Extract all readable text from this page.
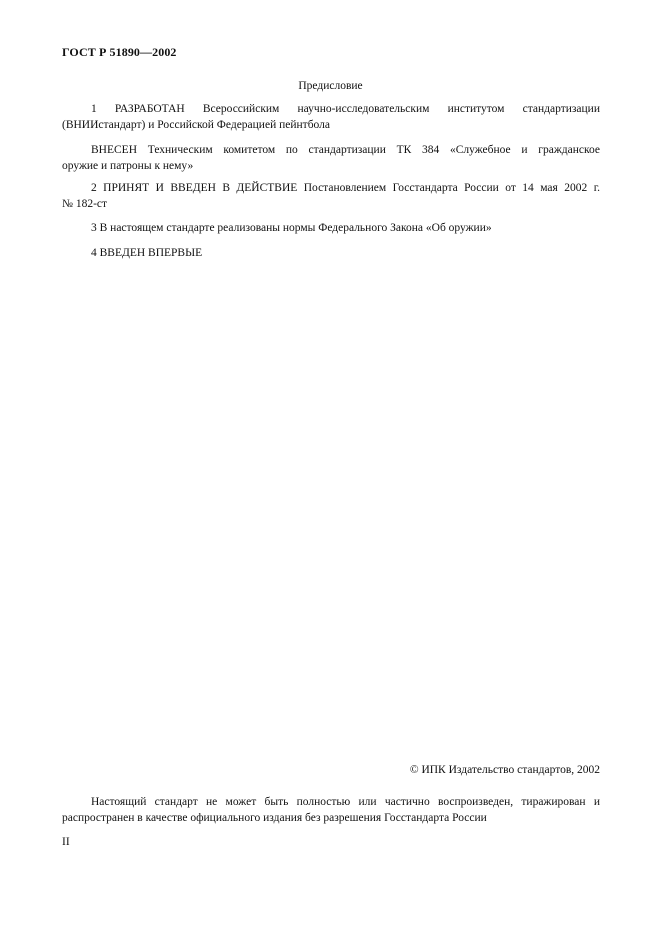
ГОСТ Р 51890—2002
Предисловие
1 РАЗРАБОТАН Всероссийским научно-исследовательским институтом стандартизации
(ВНИИстандарт) и Российской Федерацией пейнтбола
ВНЕСЕН Техническим комитетом по стандартизации ТК 384 «Служебное и гражданское
оружие и патроны к нему»
2 ПРИНЯТ И ВВЕДЕН В ДЕЙСТВИЕ Постановлением Госстандарта России от 14 мая 2002 г.
№ 182-ст
3 В настоящем стандарте реализованы нормы Федерального Закона «Об оружии»
4 ВВЕДЕН ВПЕРВЫЕ
© ИПК Издательство стандартов, 2002
Настоящий стандарт не может быть полностью или частично воспроизведен, тиражирован и
распространен в качестве официального издания без разрешения Госстандарта России
II
